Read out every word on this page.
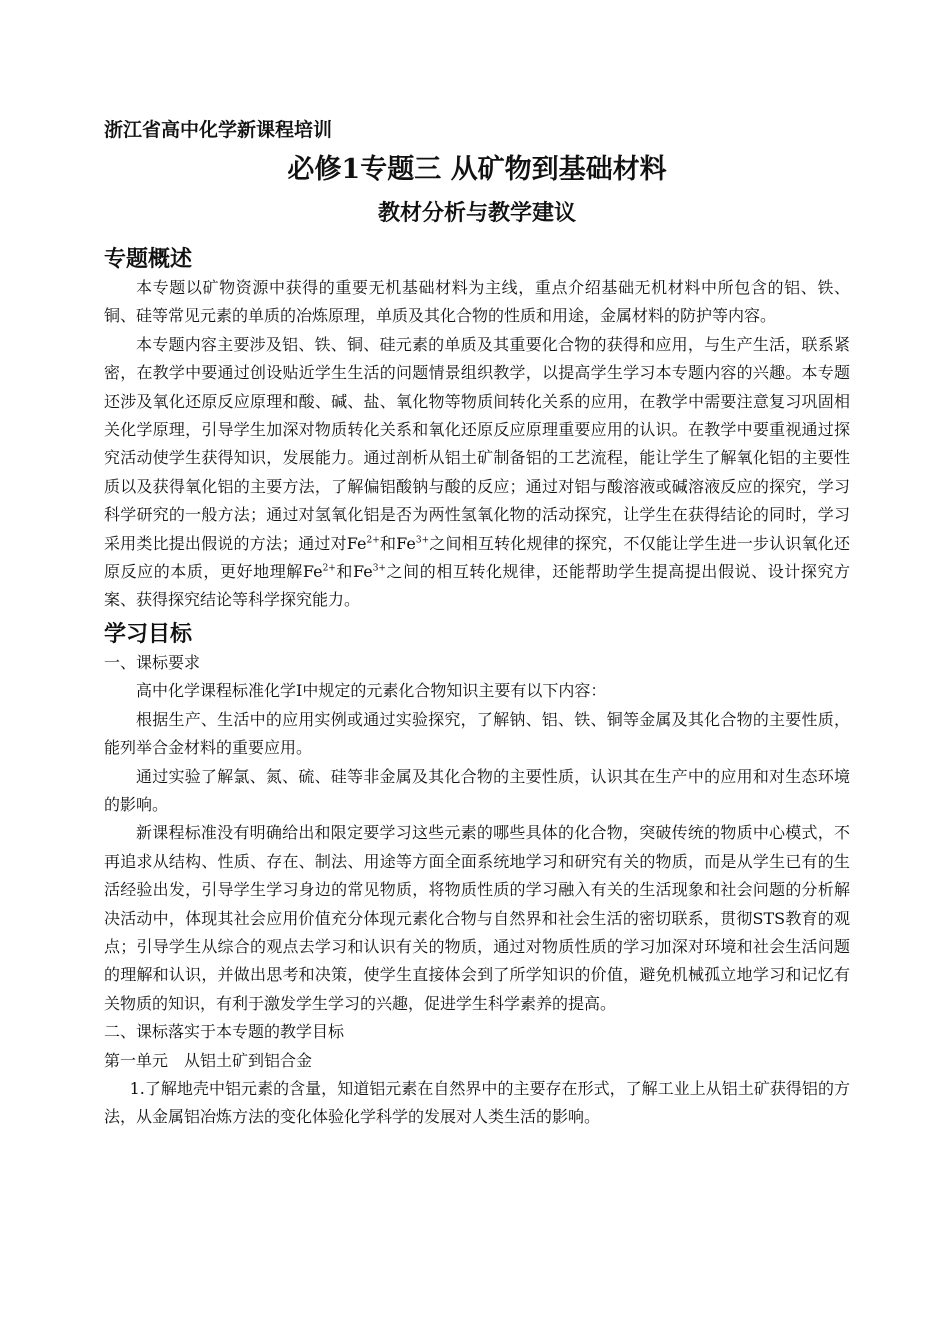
浙江省高中化学新课程培训

必修1专题三 从矿物到基础材料

教材分析与教学建议

专题概述

本专题以矿物资源中获得的重要无机基础材料为主线，重点介绍基础无机材料中所包含的铝、铁、铜、硅等常见元素的单质的冶炼原理，单质及其化合物的性质和用途，金属材料的防护等内容。

本专题内容主要涉及铝、铁、铜、硅元素的单质及其重要化合物的获得和应用，与生产生活，联系紧密，在教学中要通过创设贴近学生生活的问题情景组织教学，以提高学生学习本专题内容的兴趣。本专题还涉及氧化还原反应原理和酸、碱、盐、氧化物等物质间转化关系的应用，在教学中需要注意复习巩固相关化学原理，引导学生加深对物质转化关系和氧化还原反应原理重要应用的认识。在教学中要重视通过探究活动使学生获得知识，发展能力。通过剖析从铝土矿制备铝的工艺流程，能让学生了解氧化铝的主要性质以及获得氧化铝的主要方法，了解偏铝酸钠与酸的反应；通过对铝与酸溶液或碱溶液反应的探究，学习科学研究的一般方法；通过对氢氧化铝是否为两性氢氧化物的活动探究，让学生在获得结论的同时，学习采用类比提出假说的方法；通过对$Fe^{2+}$和$Fe^{3+}$之间相互转化规律的探究，不仅能让学生进一步认识氧化还原反应的本质，更好地理解$Fe^{2+}$和$Fe^{3+}$之间的相互转化规律，还能帮助学生提高提出假说、设计探究方案、获得探究结论等科学探究能力。

学习目标

一、课标要求

高中化学课程标准化学Ⅰ中规定的元素化合物知识主要有以下内容：

根据生产、生活中的应用实例或通过实验探究，了解钠、铝、铁、铜等金属及其化合物的主要性质，能列举合金材料的重要应用。

通过实验了解氯、氮、硫、硅等非金属及其化合物的主要性质，认识其在生产中的应用和对生态环境的影响。

新课程标准没有明确给出和限定要学习这些元素的哪些具体的化合物，突破传统的物质中心模式，不再追求从结构、性质、存在、制法、用途等方面全面系统地学习和研究有关的物质，而是从学生已有的生活经验出发，引导学生学习身边的常见物质，将物质性质的学习融入有关的生活现象和社会问题的分析解决活动中，体现其社会应用价值充分体现元素化合物与自然界和社会生活的密切联系，贯彻STS教育的观点；引导学生从综合的观点去学习和认识有关的物质，通过对物质性质的学习加深对环境和社会生活问题的理解和认识，并做出思考和决策，使学生直接体会到了所学知识的价值，避免机械孤立地学习和记忆有关物质的知识，有利于激发学生学习的兴趣，促进学生科学素养的提高。

二、课标落实于本专题的教学目标

第一单元　从铝土矿到铝合金

1.了解地壳中铝元素的含量，知道铝元素在自然界中的主要存在形式，了解工业上从铝土矿获得铝的方法，从金属铝冶炼方法的变化体验化学科学的发展对人类生活的影响。
